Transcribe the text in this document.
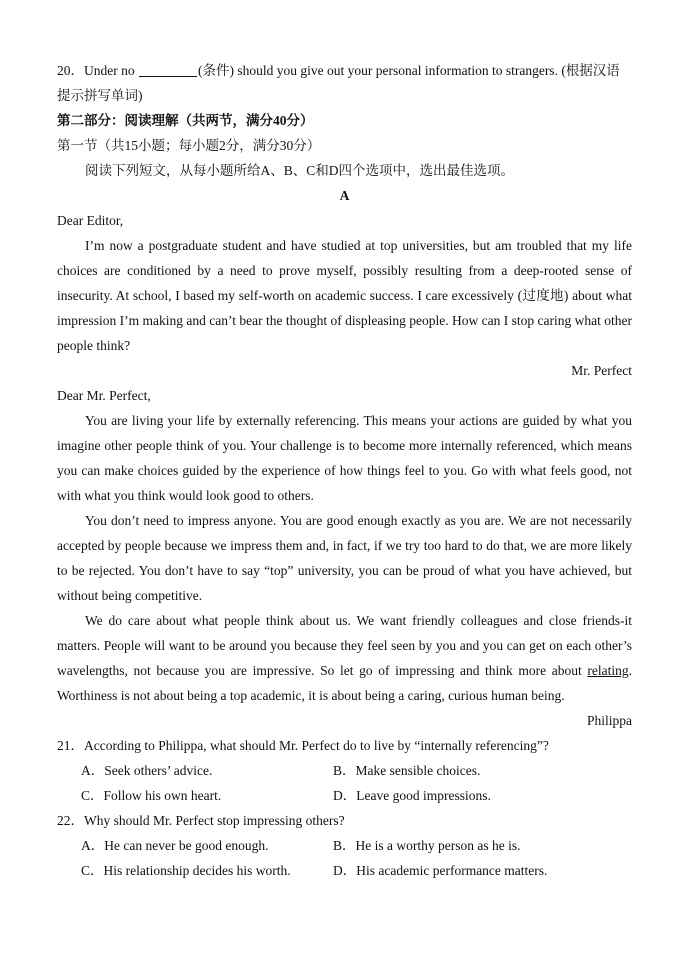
20．Under no	(条件) should you give out your personal information to strangers. (根据汉语
提示拼写单词)
第二部分：阅读理解（共两节，满分40分）
第一节（共15小题；每小题2分，满分30分）
阅读下列短文，从每小题所给A、B、C和D四个选项中，选出最佳选项。
A
Dear Editor,

I’m now a postgraduate student and have studied at top universities, but am troubled that my life choices are conditioned by a need to prove myself, possibly resulting from a deep-rooted sense of insecurity. At school, I based my self-worth on academic success. I care excessively (过度地) about what impression I’m making and can’t bear the thought of displeasing people. How can I stop caring what other people think?

Mr. Perfect
Dear Mr. Perfect,

You are living your life by externally referencing. This means your actions are guided by what you imagine other people think of you. Your challenge is to become more internally referenced, which means you can make choices guided by the experience of how things feel to you. Go with what feels good, not with what you think would look good to others.

You don’t need to impress anyone. You are good enough exactly as you are. We are not necessarily accepted by people because we impress them and, in fact, if we try too hard to do that, we are more likely to be rejected. You don’t have to say “top” university, you can be proud of what you have achieved, but without being competitive.

We do care about what people think about us. We want friendly colleagues and close friends-it matters. People will want to be around you because they feel seen by you and you can get on each other’s wavelengths, not because you are impressive. So let go of impressing and think more about relating. Worthiness is not about being a top academic, it is about being a caring, curious human being.

Philippa
21．According to Philippa, what should Mr. Perfect do to live by “internally referencing”?
A．Seek others’ advice.	B．Make sensible choices.
C．Follow his own heart.	D．Leave good impressions.
22．Why should Mr. Perfect stop impressing others?
A．He can never be good enough.	B．He is a worthy person as he is.
C．His relationship decides his worth.	D．His academic performance matters.
